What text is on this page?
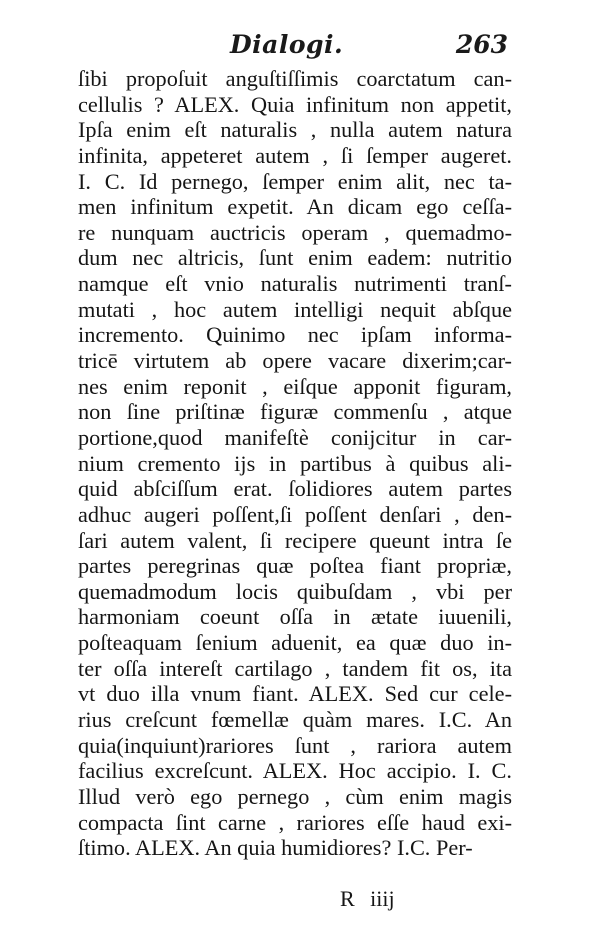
Dialogi.	263
ſibi propoſuit anguſtiſſimis coarctatum can-
cellulis ? ALEX. Quia infinitum non appetit,
Ipſa enim eſt naturalis , nulla autem natura
infinita, appeteret autem , ſi ſemper augeret.
I. C. Id pernego, ſemper enim alit, nec ta-
men infinitum expetit. An dicam ego ceſſa-
re nunquam auctricis operam , quemadmo-
dum nec altricis, ſunt enim eadem: nutritio
namque eſt vnio naturalis nutrimenti tranſ-
mutati , hoc autem intelligi nequit abſque
incremento. Quinimo nec ipſam informa-
tricē virtutem ab opere vacare dixerim;car-
nes enim reponit , eiſque apponit figuram,
non ſine priſtinæ figuræ commenſu , atque
portione,quod manifeſtè conijcitur in car-
nium cremento ijs in partibus à quibus ali-
quid abſciſſum erat. ſolidiores autem partes
adhuc augeri poſſent,ſi poſſent denſari , den-
ſari autem valent, ſi recipere queunt intra ſe
partes peregrinas quæ poſtea fiant propriæ,
quemadmodum locis quibuſdam , vbi per
harmoniam coeunt oſſa in ætate iuuenili,
poſteaquam ſenium aduenit, ea quæ duo in-
ter oſſa intereſt cartilago , tandem fit os, ita
vt duo illa vnum fiant. ALEX. Sed cur cele-
rius creſcunt fœmellæ quàm mares. I.C. An
quia(inquiunt)rariores ſunt , rariora autem
facilius excreſcunt. ALEX. Hoc accipio. I. C.
Illud verò ego pernego , cùm enim magis
compacta ſint carne , rariores eſſe haud exi-
ſtimo. ALEX. An quia humidiores? I.C. Per-
R iiij
